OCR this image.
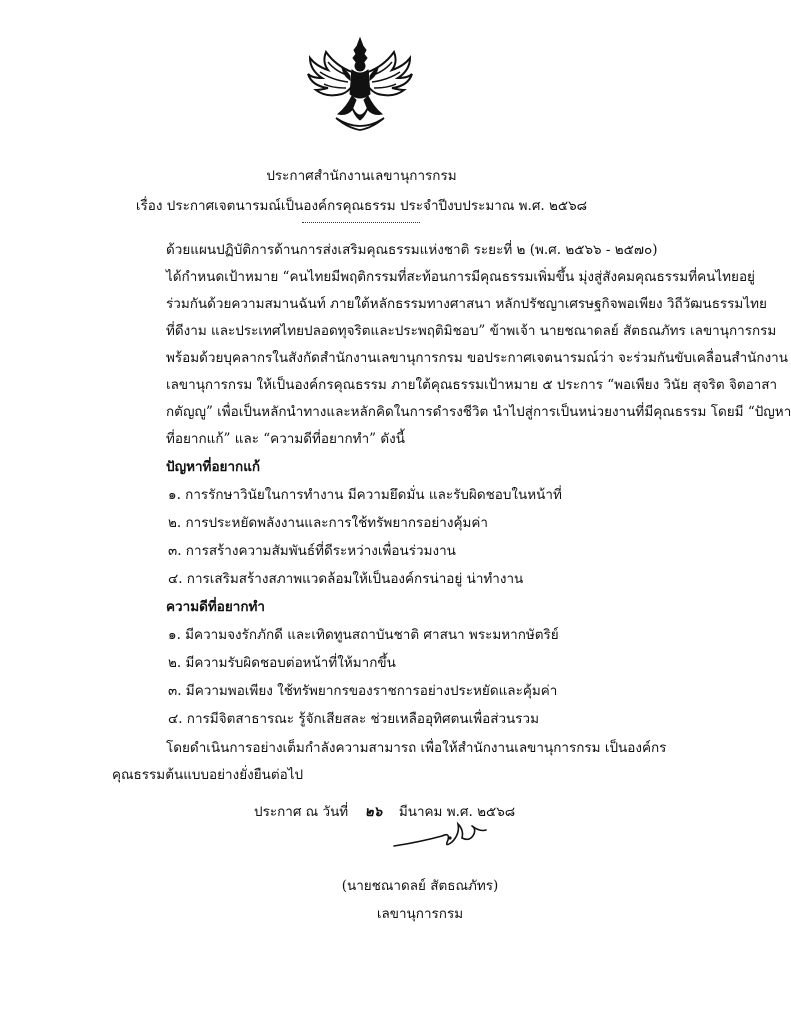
ประกาศสำนักงานเลขานุการกรม
เรื่อง ประกาศเจตนารมณ์เป็นองค์กรคุณธรรม ประจำปีงบประมาณ พ.ศ. ๒๕๖๘
ด้วยแผนปฏิบัติการด้านการส่งเสริมคุณธรรมแห่งชาติ ระยะที่ ๒ (พ.ศ. ๒๕๖๖ - ๒๕๗๐)
ได้กำหนดเป้าหมาย “คนไทยมีพฤติกรรมที่สะท้อนการมีคุณธรรมเพิ่มขึ้น มุ่งสู่สังคมคุณธรรมที่คนไทยอยู่
ร่วมกันด้วยความสมานฉันท์ ภายใต้หลักธรรมทางศาสนา หลักปรัชญาเศรษฐกิจพอเพียง วิถีวัฒนธรรมไทย
ที่ดีงาม และประเทศไทยปลอดทุจริตและประพฤติมิชอบ” ข้าพเจ้า นายชณาดลย์ สัตธณภัทร เลขานุการกรม
พร้อมด้วยบุคลากรในสังกัดสำนักงานเลขานุการกรม ขอประกาศเจตนารมณ์ว่า จะร่วมกันขับเคลื่อนสำนักงาน
เลขานุการกรม ให้เป็นองค์กรคุณธรรม ภายใต้คุณธรรมเป้าหมาย ๕ ประการ “พอเพียง วินัย สุจริต จิตอาสา
กตัญญู” เพื่อเป็นหลักนำทางและหลักคิดในการดำรงชีวิต นำไปสู่การเป็นหน่วยงานที่มีคุณธรรม โดยมี “ปัญหา
ที่อยากแก้” และ “ความดีที่อยากทำ” ดังนี้
ปัญหาที่อยากแก้
๑. การรักษาวินัยในการทำงาน มีความยึดมั่น และรับผิดชอบในหน้าที่
๒. การประหยัดพลังงานและการใช้ทรัพยากรอย่างคุ้มค่า
๓. การสร้างความสัมพันธ์ที่ดีระหว่างเพื่อนร่วมงาน
๔. การเสริมสร้างสภาพแวดล้อมให้เป็นองค์กรน่าอยู่ น่าทำงาน
ความดีที่อยากทำ
๑. มีความจงรักภักดี และเทิดทูนสถาบันชาติ ศาสนา พระมหากษัตริย์
๒. มีความรับผิดชอบต่อหน้าที่ให้มากขึ้น
๓. มีความพอเพียง ใช้ทรัพยากรของราชการอย่างประหยัดและคุ้มค่า
๔. การมีจิตสาธารณะ รู้จักเสียสละ ช่วยเหลืออุทิศตนเพื่อส่วนรวม
โดยดำเนินการอย่างเต็มกำลังความสามารถ เพื่อให้สำนักงานเลขานุการกรม เป็นองค์กร
คุณธรรมต้นแบบอย่างยั่งยืนต่อไป
ประกาศ ณ วันที่ ๒๖ มีนาคม พ.ศ. ๒๕๖๘
(นายชณาดลย์ สัตธณภัทร)
เลขานุการกรม
